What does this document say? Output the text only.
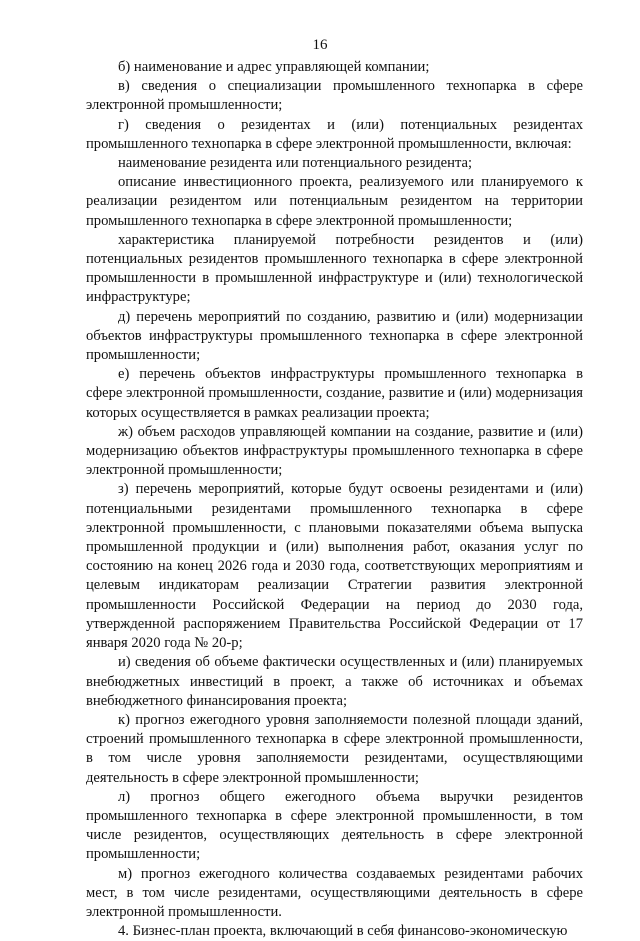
16

б) наименование и адрес управляющей компании;

в) сведения о специализации промышленного технопарка в сфере электронной промышленности;

г) сведения о резидентах и (или) потенциальных резидентах промышленного технопарка в сфере электронной промышленности, включая:

наименование резидента или потенциального резидента;

описание инвестиционного проекта, реализуемого или планируемого к реализации резидентом или потенциальным резидентом на территории промышленного технопарка в сфере электронной промышленности;

характеристика планируемой потребности резидентов и (или) потенциальных резидентов промышленного технопарка в сфере электронной промышленности в промышленной инфраструктуре и (или) технологической инфраструктуре;

д) перечень мероприятий по созданию, развитию и (или) модернизации объектов инфраструктуры промышленного технопарка в сфере электронной промышленности;

е) перечень объектов инфраструктуры промышленного технопарка в сфере электронной промышленности, создание, развитие и (или) модернизация которых осуществляется в рамках реализации проекта;

ж) объем расходов управляющей компании на создание, развитие и (или) модернизацию объектов инфраструктуры промышленного технопарка в сфере электронной промышленности;

з) перечень мероприятий, которые будут освоены резидентами и (или) потенциальными резидентами промышленного технопарка в сфере электронной промышленности, с плановыми показателями объема выпуска промышленной продукции и (или) выполнения работ, оказания услуг по состоянию на конец 2026 года и 2030 года, соответствующих мероприятиям и целевым индикаторам реализации Стратегии развития электронной промышленности Российской Федерации на период до 2030 года, утвержденной распоряжением Правительства Российской Федерации от 17 января 2020 года № 20-р;

и) сведения об объеме фактически осуществленных и (или) планируемых внебюджетных инвестиций в проект, а также об источниках и объемах внебюджетного финансирования проекта;

к) прогноз ежегодного уровня заполняемости полезной площади зданий, строений промышленного технопарка в сфере электронной промышленности, в том числе уровня заполняемости резидентами, осуществляющими деятельность в сфере электронной промышленности;

л) прогноз общего ежегодного объема выручки резидентов промышленного технопарка в сфере электронной промышленности, в том числе резидентов, осуществляющих деятельность в сфере электронной промышленности;

м) прогноз ежегодного количества создаваемых резидентами рабочих мест, в том числе резидентами, осуществляющими деятельность в сфере электронной промышленности.

4. Бизнес-план проекта, включающий в себя финансово-экономическую
